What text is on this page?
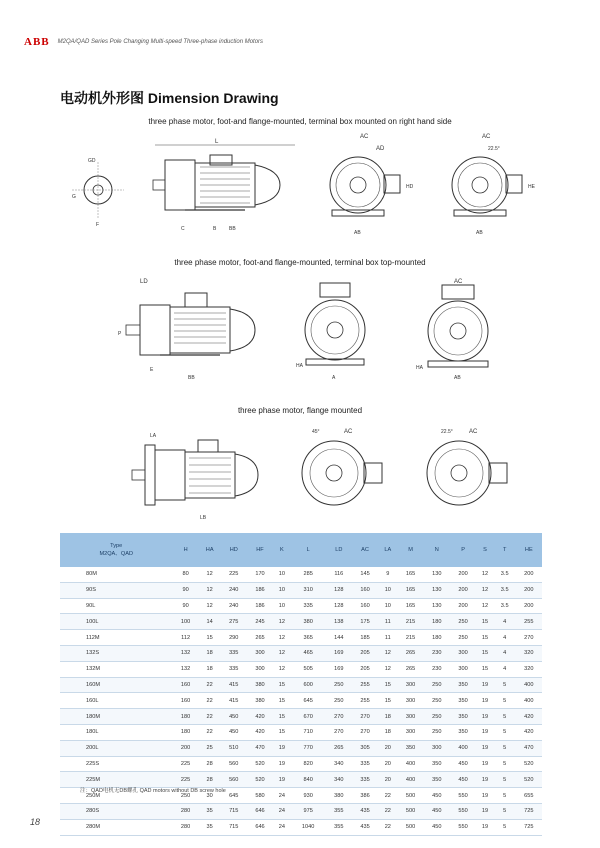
ABB M2QA/QAD Series Pole Changing Multi-speed Three-phase induction Motors
电动机外形图 Dimension Drawing
three phase motor, foot-and flange-mounted, terminal box mounted on right hand side
three phase motor, foot-and flange-mounted, terminal box top-mounted
three phase motor, flange mounted
GD
G
F
L
C	B	BB
AC
AD
HD
AB
AC
22.5°
HE
AB
LD
P
E
BB
HA
A
AC
HA
AB
LA
LB
45°	AC	22.5°	AC
Type
M2QA、QAD	H	HA	HD	HF	K	L	LD	AC	LA	M	N	P	S	T	HE
80M	80	12	225	170	10	285	116	145	9	165	130	200	12	3.5	200
90S	90	12	240	186	10	310	128	160	10	165	130	200	12	3.5	200
90L	90	12	240	186	10	335	128	160	10	165	130	200	12	3.5	200
100L	100	14	275	245	12	380	138	175	11	215	180	250	15	4	255
112M	112	15	290	265	12	365	144	185	11	215	180	250	15	4	270
132S	132	18	335	300	12	465	169	205	12	265	230	300	15	4	320
132M	132	18	335	300	12	505	169	205	12	265	230	300	15	4	320
160M	160	22	415	380	15	600	250	255	15	300	250	350	19	5	400
160L	160	22	415	380	15	645	250	255	15	300	250	350	19	5	400
180M	180	22	450	420	15	670	270	270	18	300	250	350	19	5	420
180L	180	22	450	420	15	710	270	270	18	300	250	350	19	5	420
200L	200	25	510	470	19	770	265	305	20	350	300	400	19	5	470
225S	225	28	560	520	19	820	340	335	20	400	350	450	19	5	520
225M	225	28	560	520	19	840	340	335	20	400	350	450	19	5	520
250M	250	30	645	580	24	930	380	386	22	500	450	550	19	5	655
280S	280	35	715	646	24	975	355	435	22	500	450	550	19	5	725
280M	280	35	715	646	24	1040	355	435	22	500	450	550	19	5	725
注：QAD电机无DB螺孔 QAD motors without DB screw hole
18
